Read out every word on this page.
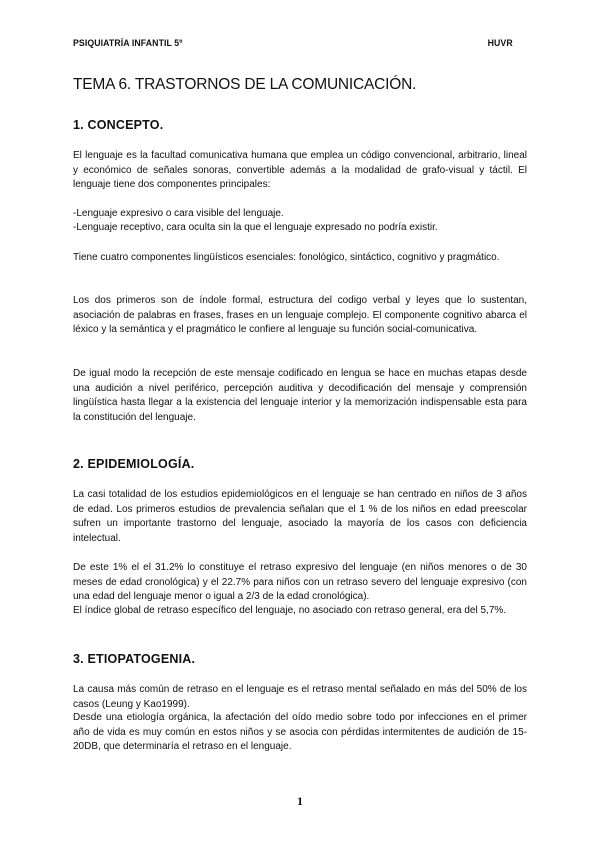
PSIQUIATRÍA INFANTIL 5º	HUVR
TEMA 6. TRASTORNOS DE LA COMUNICACIÓN.
1. CONCEPTO.
El lenguaje es la facultad comunicativa humana que emplea un código convencional, arbitrario, lineal y económico de señales sonoras, convertible además a la modalidad de grafo-visual y táctil. El lenguaje tiene dos componentes principales:
-Lenguaje expresivo o cara visible del lenguaje.
-Lenguaje receptivo, cara oculta sin la que el lenguaje expresado no podría existir.
Tiene cuatro componentes lingüísticos esenciales: fonológico, sintáctico, cognitivo y pragmático.
Los dos primeros son de índole formal, estructura del codigo verbal y leyes que lo sustentan, asociación de palabras en frases, frases en un lenguaje complejo. El componente cognitivo abarca el léxico y la semántica y el pragmático le confiere al lenguaje su función social-comunicativa.
De igual modo la recepción de este mensaje codificado en lengua se hace en muchas etapas desde una audición a nivel periférico, percepción auditiva y decodificación del mensaje y comprensión lingüística hasta llegar a la existencia del lenguaje interior y la memorización indispensable esta para la constitución del lenguaje.
2. EPIDEMIOLOGÍA.
La casi totalidad de los estudios epidemiológicos en el lenguaje se han centrado en niños de 3 años de edad. Los primeros estudios de prevalencia señalan que el 1 % de los niños en edad preescolar sufren un importante trastorno del lenguaje, asociado la mayoría de los casos con deficiencia intelectual.
De este 1% el el 31.2% lo constituye el retraso expresivo del lenguaje (en niños menores o de 30 meses de edad cronológica) y el 22.7% para niños con un retraso severo del lenguaje expresivo (con una edad del lenguaje menor o igual a 2/3 de la edad cronológica).
El índice global de retraso específico del lenguaje, no asociado con retraso general, era del 5,7%.
3. ETIOPATOGENIA.
La causa más común de retraso en el lenguaje es el retraso mental señalado en más del 50% de los casos (Leung y Kao1999).
Desde una etiología orgánica, la afectación del oído medio sobre todo por infecciones en el primer año de vida es muy común en estos niños y se asocia con pérdidas intermitentes de audición de 15-20DB, que determinaría el retraso en el lenguaje.
1
